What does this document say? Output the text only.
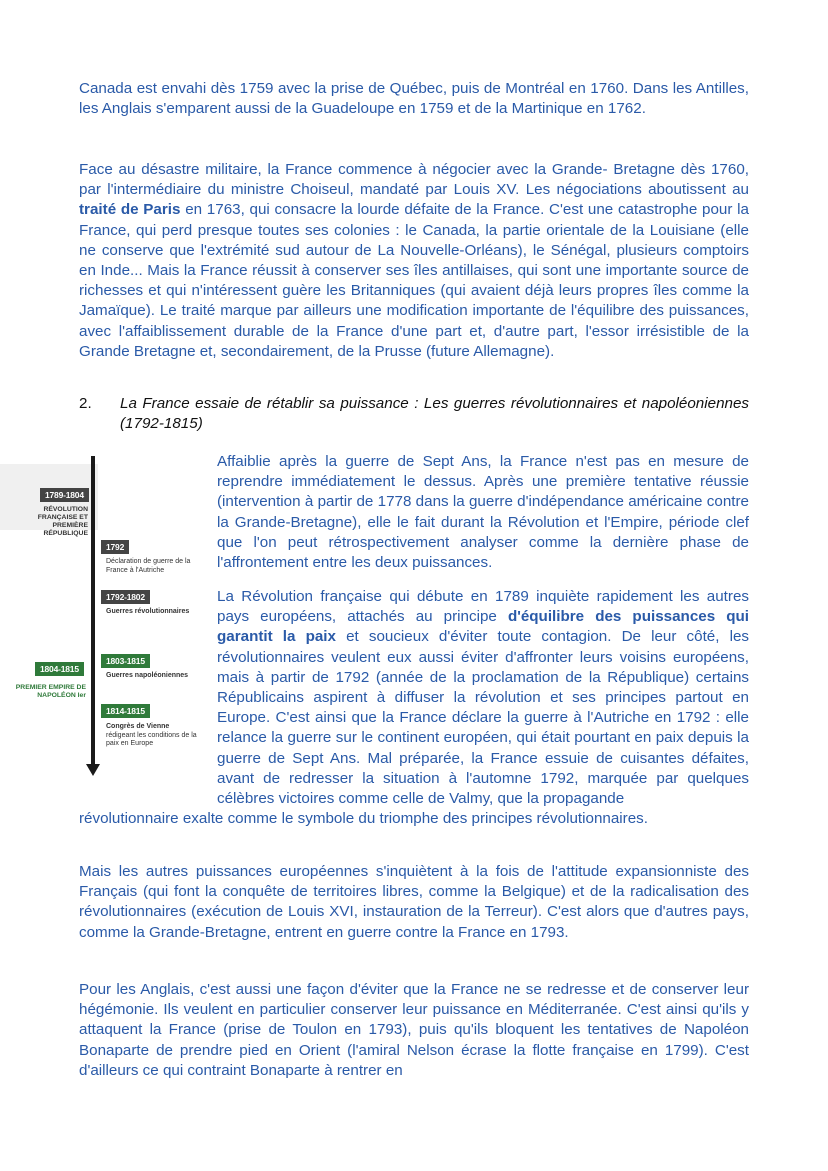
Canada est envahi dès 1759 avec la prise de Québec, puis de Montréal en 1760. Dans les Antilles, les Anglais s'emparent aussi de la Guadeloupe en 1759 et de la Martinique en 1762.

Face au désastre militaire, la France commence à négocier avec la Grande- Bretagne dès 1760, par l'intermédiaire du ministre Choiseul, mandaté par Louis XV. Les négociations aboutissent au traité de Paris en 1763, qui consacre la lourde défaite de la France. C'est une catastrophe pour la France, qui perd presque toutes ses colonies : le Canada, la partie orientale de la Louisiane (elle ne conserve que l'extrémité sud autour de La Nouvelle-Orléans), le Sénégal, plusieurs comptoirs en Inde... Mais la France réussit à conserver ses îles antillaises, qui sont une importante source de richesses et qui n'intéressent guère les Britanniques (qui avaient déjà leurs propres îles comme la Jamaïque). Le traité marque par ailleurs une modification importante de l'équilibre des puissances, avec l'affaiblissement durable de la France d'une part et, d'autre part, l'essor irrésistible de la Grande Bretagne et, secondairement, de la Prusse (future Allemagne).

2. La France essaie de rétablir sa puissance : Les guerres révolutionnaires et napoléoniennes (1792-1815)
1789-1804
RÉVOLUTION FRANÇAISE ET PREMIÈRE RÉPUBLIQUE
1792
Déclaration de guerre de la France à l'Autriche
1792-1802
Guerres révolutionnaires
1803-1815
Guerres napoléoniennes
1804-1815
PREMIER EMPIRE DE NAPOLÉON Ier
1814-1815
Congrès de Vienne
rédigeant les conditions de la paix en Europe

Affaiblie après la guerre de Sept Ans, la France n'est pas en mesure de reprendre immédiatement le dessus. Après une première tentative réussie (intervention à partir de 1778 dans la guerre d'indépendance américaine contre la Grande-Bretagne), elle le fait durant la Révolution et l'Empire, période clef que l'on peut rétrospectivement analyser comme la dernière phase de l'affrontement entre les deux puissances.

La Révolution française qui débute en 1789 inquiète rapidement les autres pays européens, attachés au principe d'équilibre des puissances qui garantit la paix et soucieux d'éviter toute contagion. De leur côté, les révolutionnaires veulent eux aussi éviter d'affronter leurs voisins européens, mais à partir de 1792 (année de la proclamation de la République) certains Républicains aspirent à diffuser la révolution et ses principes partout en Europe. C'est ainsi que la France déclare la guerre à l'Autriche en 1792 : elle relance la guerre sur le continent européen, qui était pourtant en paix depuis la guerre de Sept Ans. Mal préparée, la France essuie de cuisantes défaites, avant de redresser la situation à l'automne 1792, marquée par quelques célèbres victoires comme celle de Valmy, que la propagande
révolutionnaire exalte comme le symbole du triomphe des principes révolutionnaires.

Mais les autres puissances européennes s'inquiètent à la fois de l'attitude expansionniste des Français (qui font la conquête de territoires libres, comme la Belgique) et de la radicalisation des révolutionnaires (exécution de Louis XVI, instauration de la Terreur). C'est alors que d'autres pays, comme la Grande-Bretagne, entrent en guerre contre la France en 1793.

Pour les Anglais, c'est aussi une façon d'éviter que la France ne se redresse et de conserver leur hégémonie. Ils veulent en particulier conserver leur puissance en Méditerranée. C'est ainsi qu'ils y attaquent la France (prise de Toulon en 1793), puis qu'ils bloquent les tentatives de Napoléon Bonaparte de prendre pied en Orient (l'amiral Nelson écrase la flotte française en 1799). C'est d'ailleurs ce qui contraint Bonaparte à rentrer en
